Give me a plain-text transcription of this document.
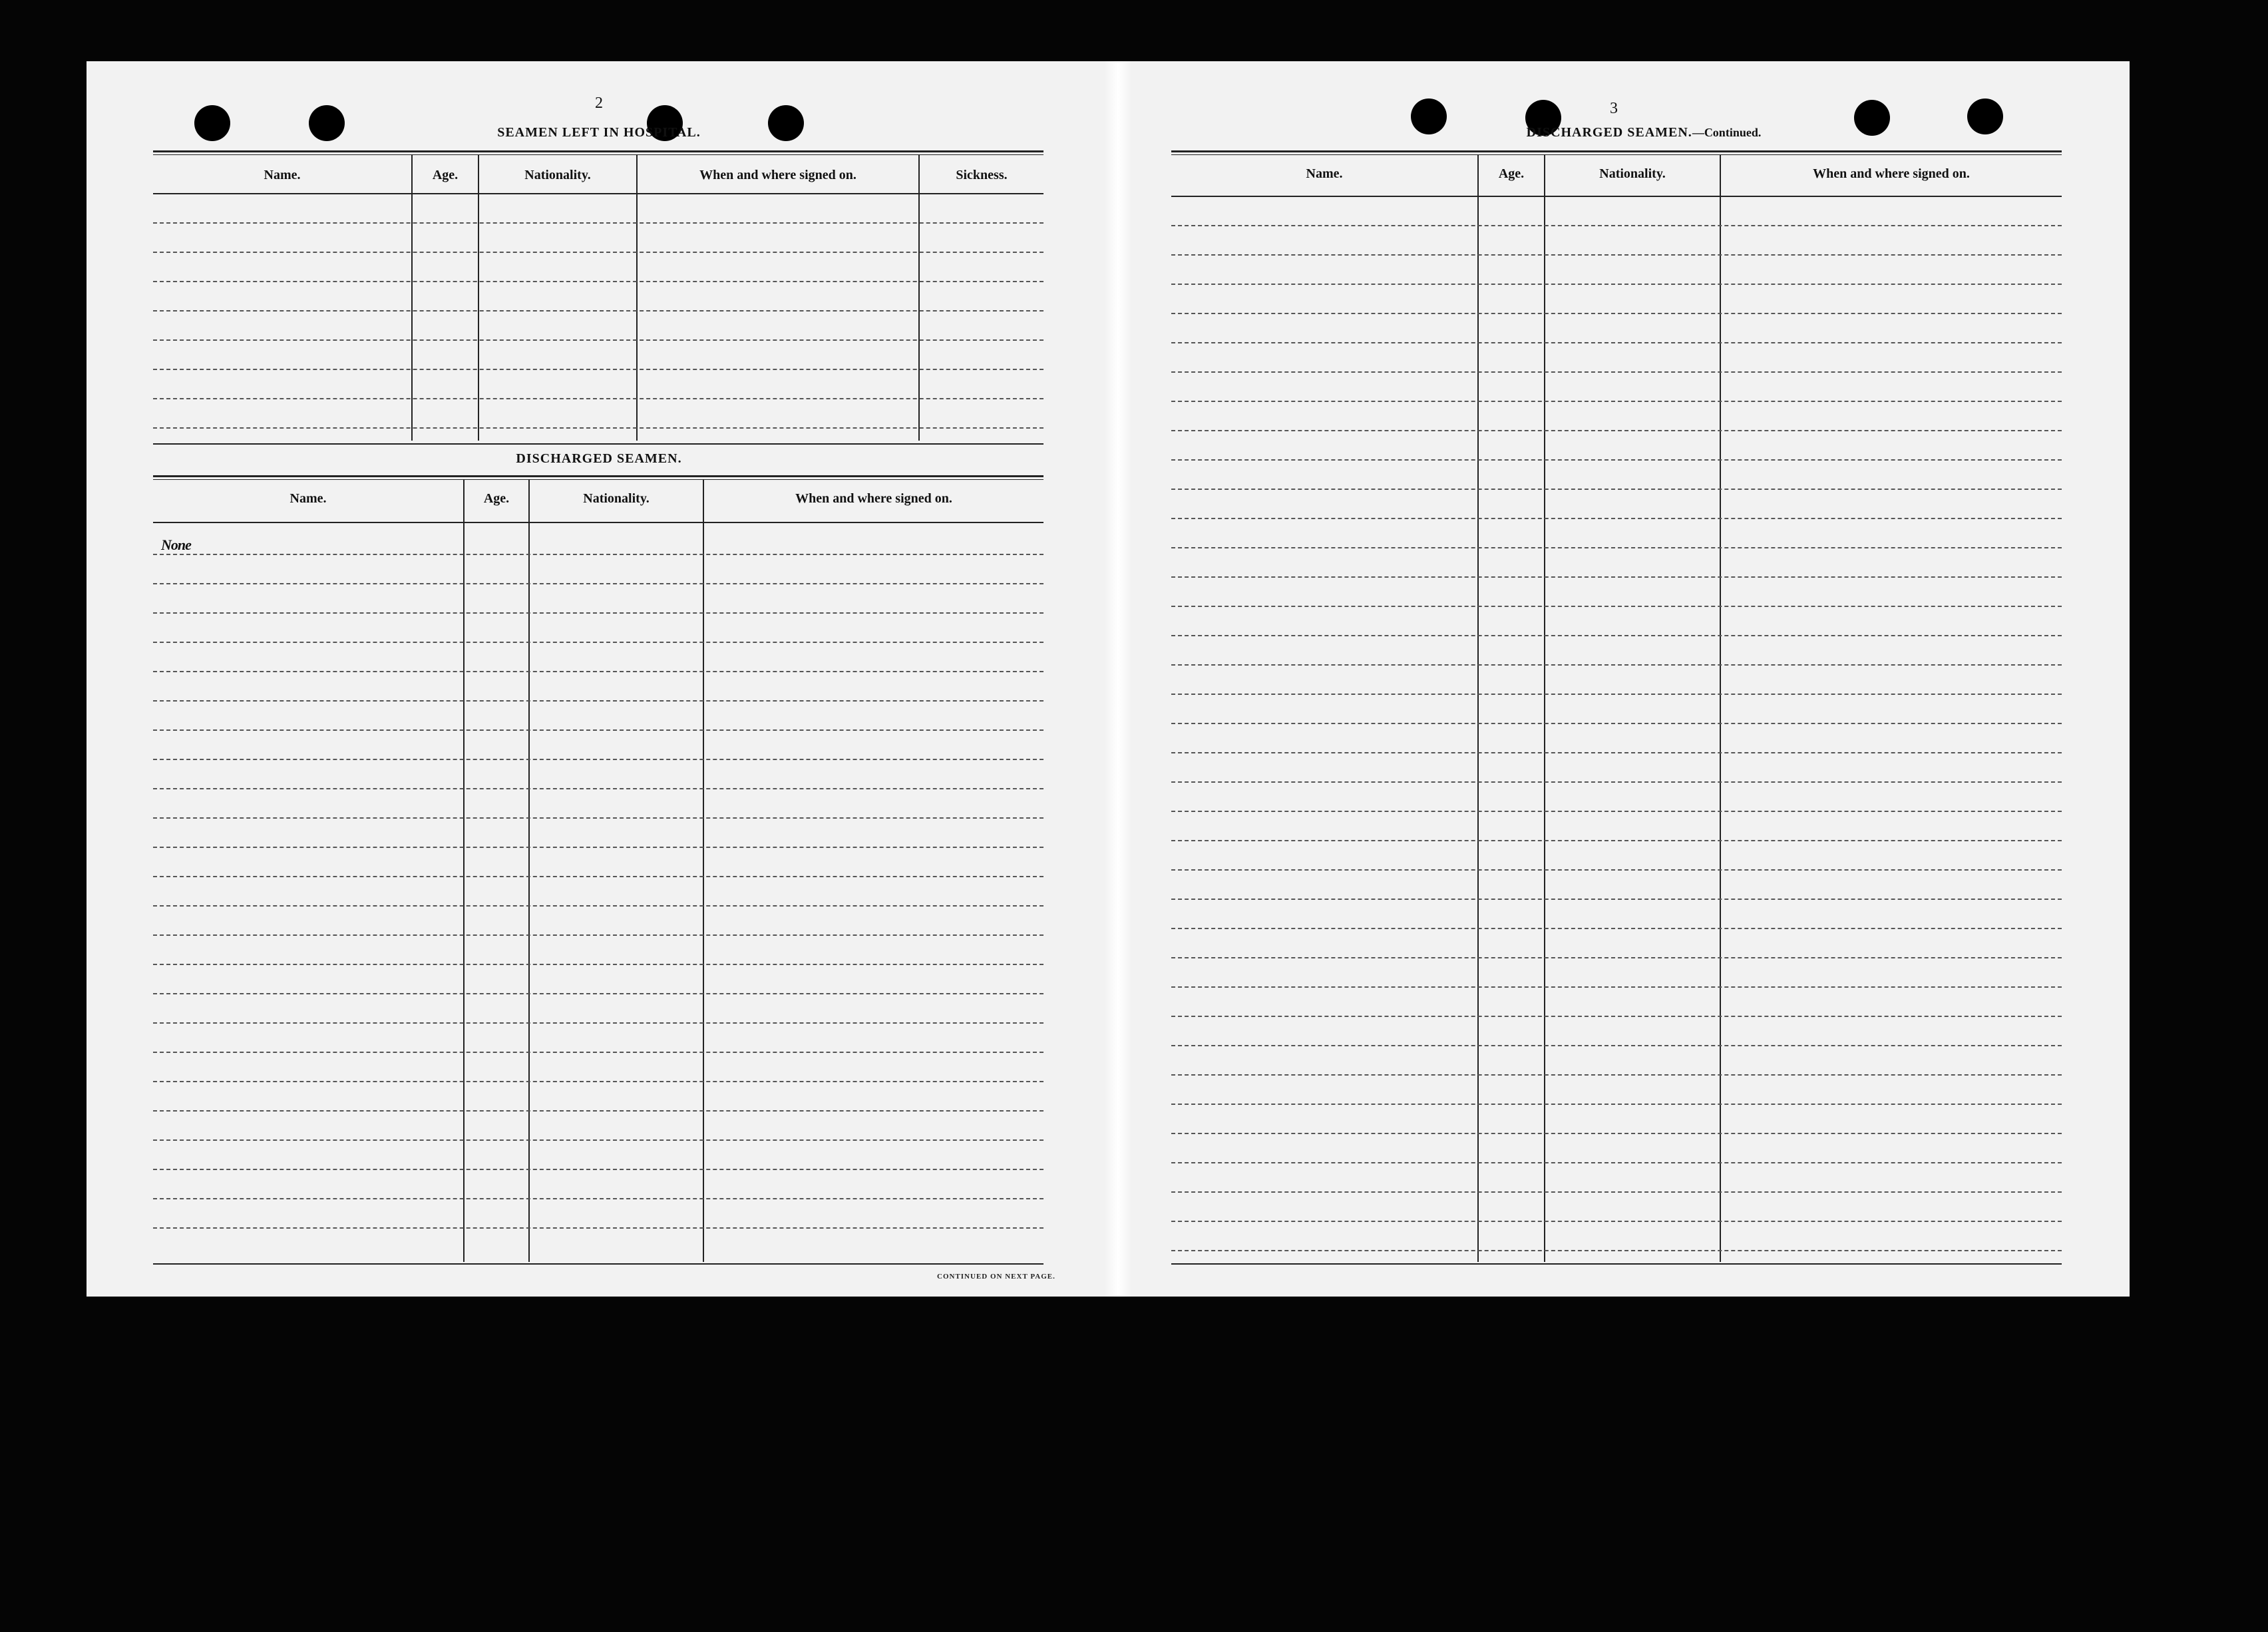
2
SEAMEN LEFT IN HOSPITAL.
Name.	Age.	Nationality.	When and where signed on.	Sickness.
DISCHARGED SEAMEN.
Name.	Age.	Nationality.	When and where signed on.
None
CONTINUED ON NEXT PAGE.
3
DISCHARGED SEAMEN.—Continued.
Name.	Age.	Nationality.	When and where signed on.
